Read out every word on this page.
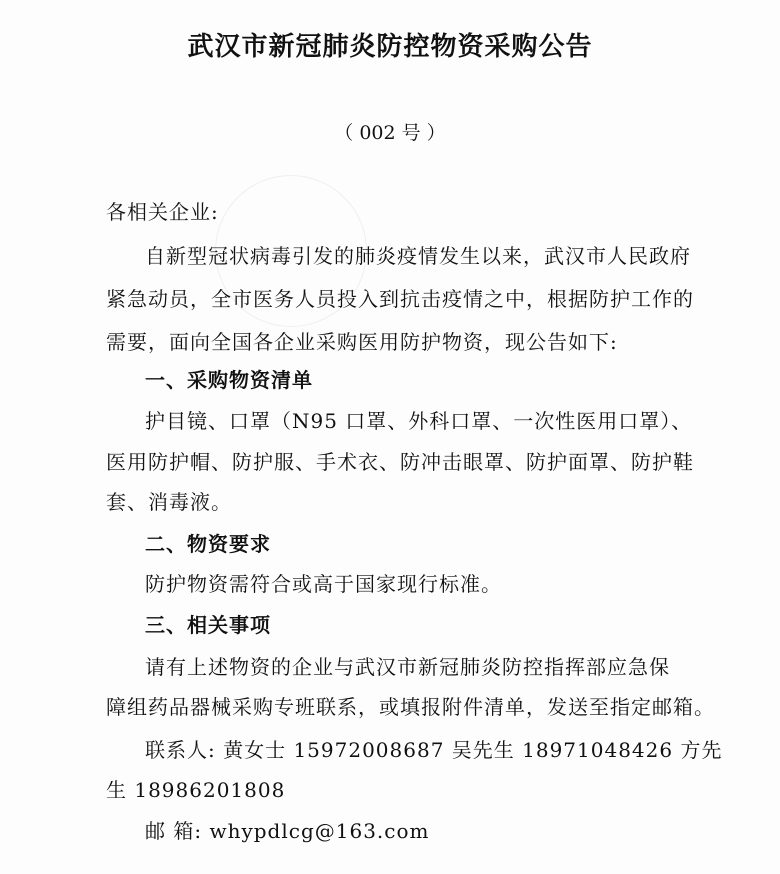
武汉市新冠肺炎防控物资采购公告
（ 002 号 ）
各相关企业:
自新型冠状病毒引发的肺炎疫情发生以来，武汉市人民政府
紧急动员，全市医务人员投入到抗击疫情之中，根据防护工作的
需要，面向全国各企业采购医用防护物资，现公告如下:
一、采购物资清单
护目镜、口罩（N95 口罩、外科口罩、一次性医用口罩）、
医用防护帽、防护服、手术衣、防冲击眼罩、防护面罩、防护鞋
套、消毒液。
二、物资要求
防护物资需符合或高于国家现行标准。
三、相关事项
请有上述物资的企业与武汉市新冠肺炎防控指挥部应急保
障组药品器械采购专班联系，或填报附件清单，发送至指定邮箱。
联系人: 黄女士 15972008687 吴先生 18971048426 方先
生 18986201808
邮 箱: whypdlcg@163.com
